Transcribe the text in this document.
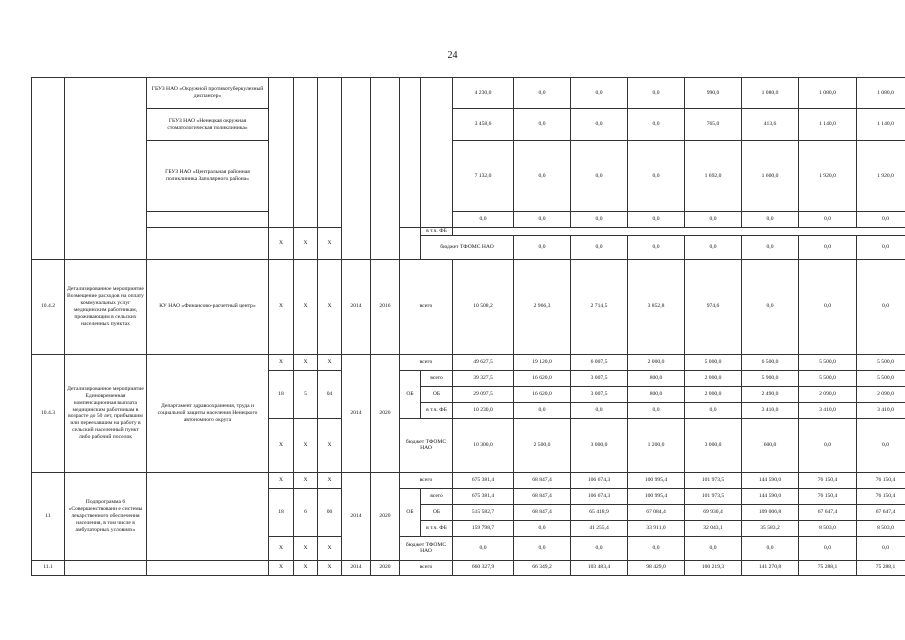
24
		ГБУЗ НАО «Окружной противотуберкулезный диспансер»								4 230,0	0,0	0,0	0,0	990,0	1 080,0	1 080,0	1 080,0	
		ГБУЗ НАО «Ненецкая окружная стоматологическая поликлиника»								3 458,6	0,0	0,0	0,0	765,0	413,6	1 140,0	1 140,0	
		ГБУЗ НАО «Центральная районная поликлиника Заполярного района»								7 132,0	0,0	0,0	0,0	1 692,0	1 600,0	1 920,0	1 920,0	
										0,0	0,0	0,0	0,0	0,0	0,0	0,0	0,0	
			X	X	X				в т.ч. ФБ									
									бюджет ТФОМС НАО		0,0	0,0	0,0	0,0	0,0	0,0	0,0	
10.4.2	Детализированное мероприятие Возмещение расходов на оплату коммунальных услуг медицинским работникам, проживающим в сельских населенных пунктах	КУ НАО «Финансово-расчетный центр»	X	X	X	2014	2016	всего		10 508,2	2 966,3	2 714,5	3 852,8	974,6	0,0	0,0	0,0	
10.4.3	Детализированное мероприятие Единовременная компенсационная выплата медицинским работникам в возрасте до 50 лет, прибывшим или переехавшим на работу в сельский населенный пункт либо рабочий поселок	Департамент здравоохранения, труда и социальной защиты населения Ненецкого автономного округа	X	X	X	2014	2020	всего		49 627,5	19 120,0	6 007,5	2 000,0	5 000,0	6 500,0	5 500,0	5 500,0	
			18	5	04			ОБ	всего	39 327,5	16 620,0	3 007,5	800,0	2 000,0	5 900,0	5 500,0	5 500,0	
									ОБ	29 097,5	16 620,0	3 007,5	800,0	2 000,0	2 490,0	2 090,0	2 090,0	
									в т.ч. ФБ	10 230,0	0,0	0,0	0,0	0,0	3 410,0	3 410,0	3 410,0	
			X	X	X			бюджет ТФОМС НАО		10 300,0	2 500,0	3 000,0	1 200,0	3 000,0	600,0	0,0	0,0	
11	Подпрограмма 6 «Совершенствовани е системы лекарственного обеспечения населения, в том числе в амбулаторных условиях»		X	X	X	2014	2020	всего		675 381,4	68 847,4	106 674,3	100 995,4	101 973,5	144 590,0	76 150,4	76 150,4	
			18	6	00			ОБ	всего	675 381,4	68 847,4	106 674,3	100 995,4	101 973,5	144 590,0	76 150,4	76 150,4	
									ОБ	515 582,7	68 847,4	65 418,9	67 084,4	69 930,4	109 006,8	67 647,4	67 647,4	
									в т.ч. ФБ	159 798,7	0,0	41 255,4	33 911,0	32 043,1	35 583,2	8 503,0	8 503,0	
			X	X	X			бюджет ТФОМС НАО		0,0	0,0	0,0	0,0	0,0	0,0	0,0	0,0	
11.1			X	X	X	2014	2020	всего		660 327,9	66 349,2	103 483,4	98 429,0	100 219,3	141 270,8	75 288,1	75 288,1	
